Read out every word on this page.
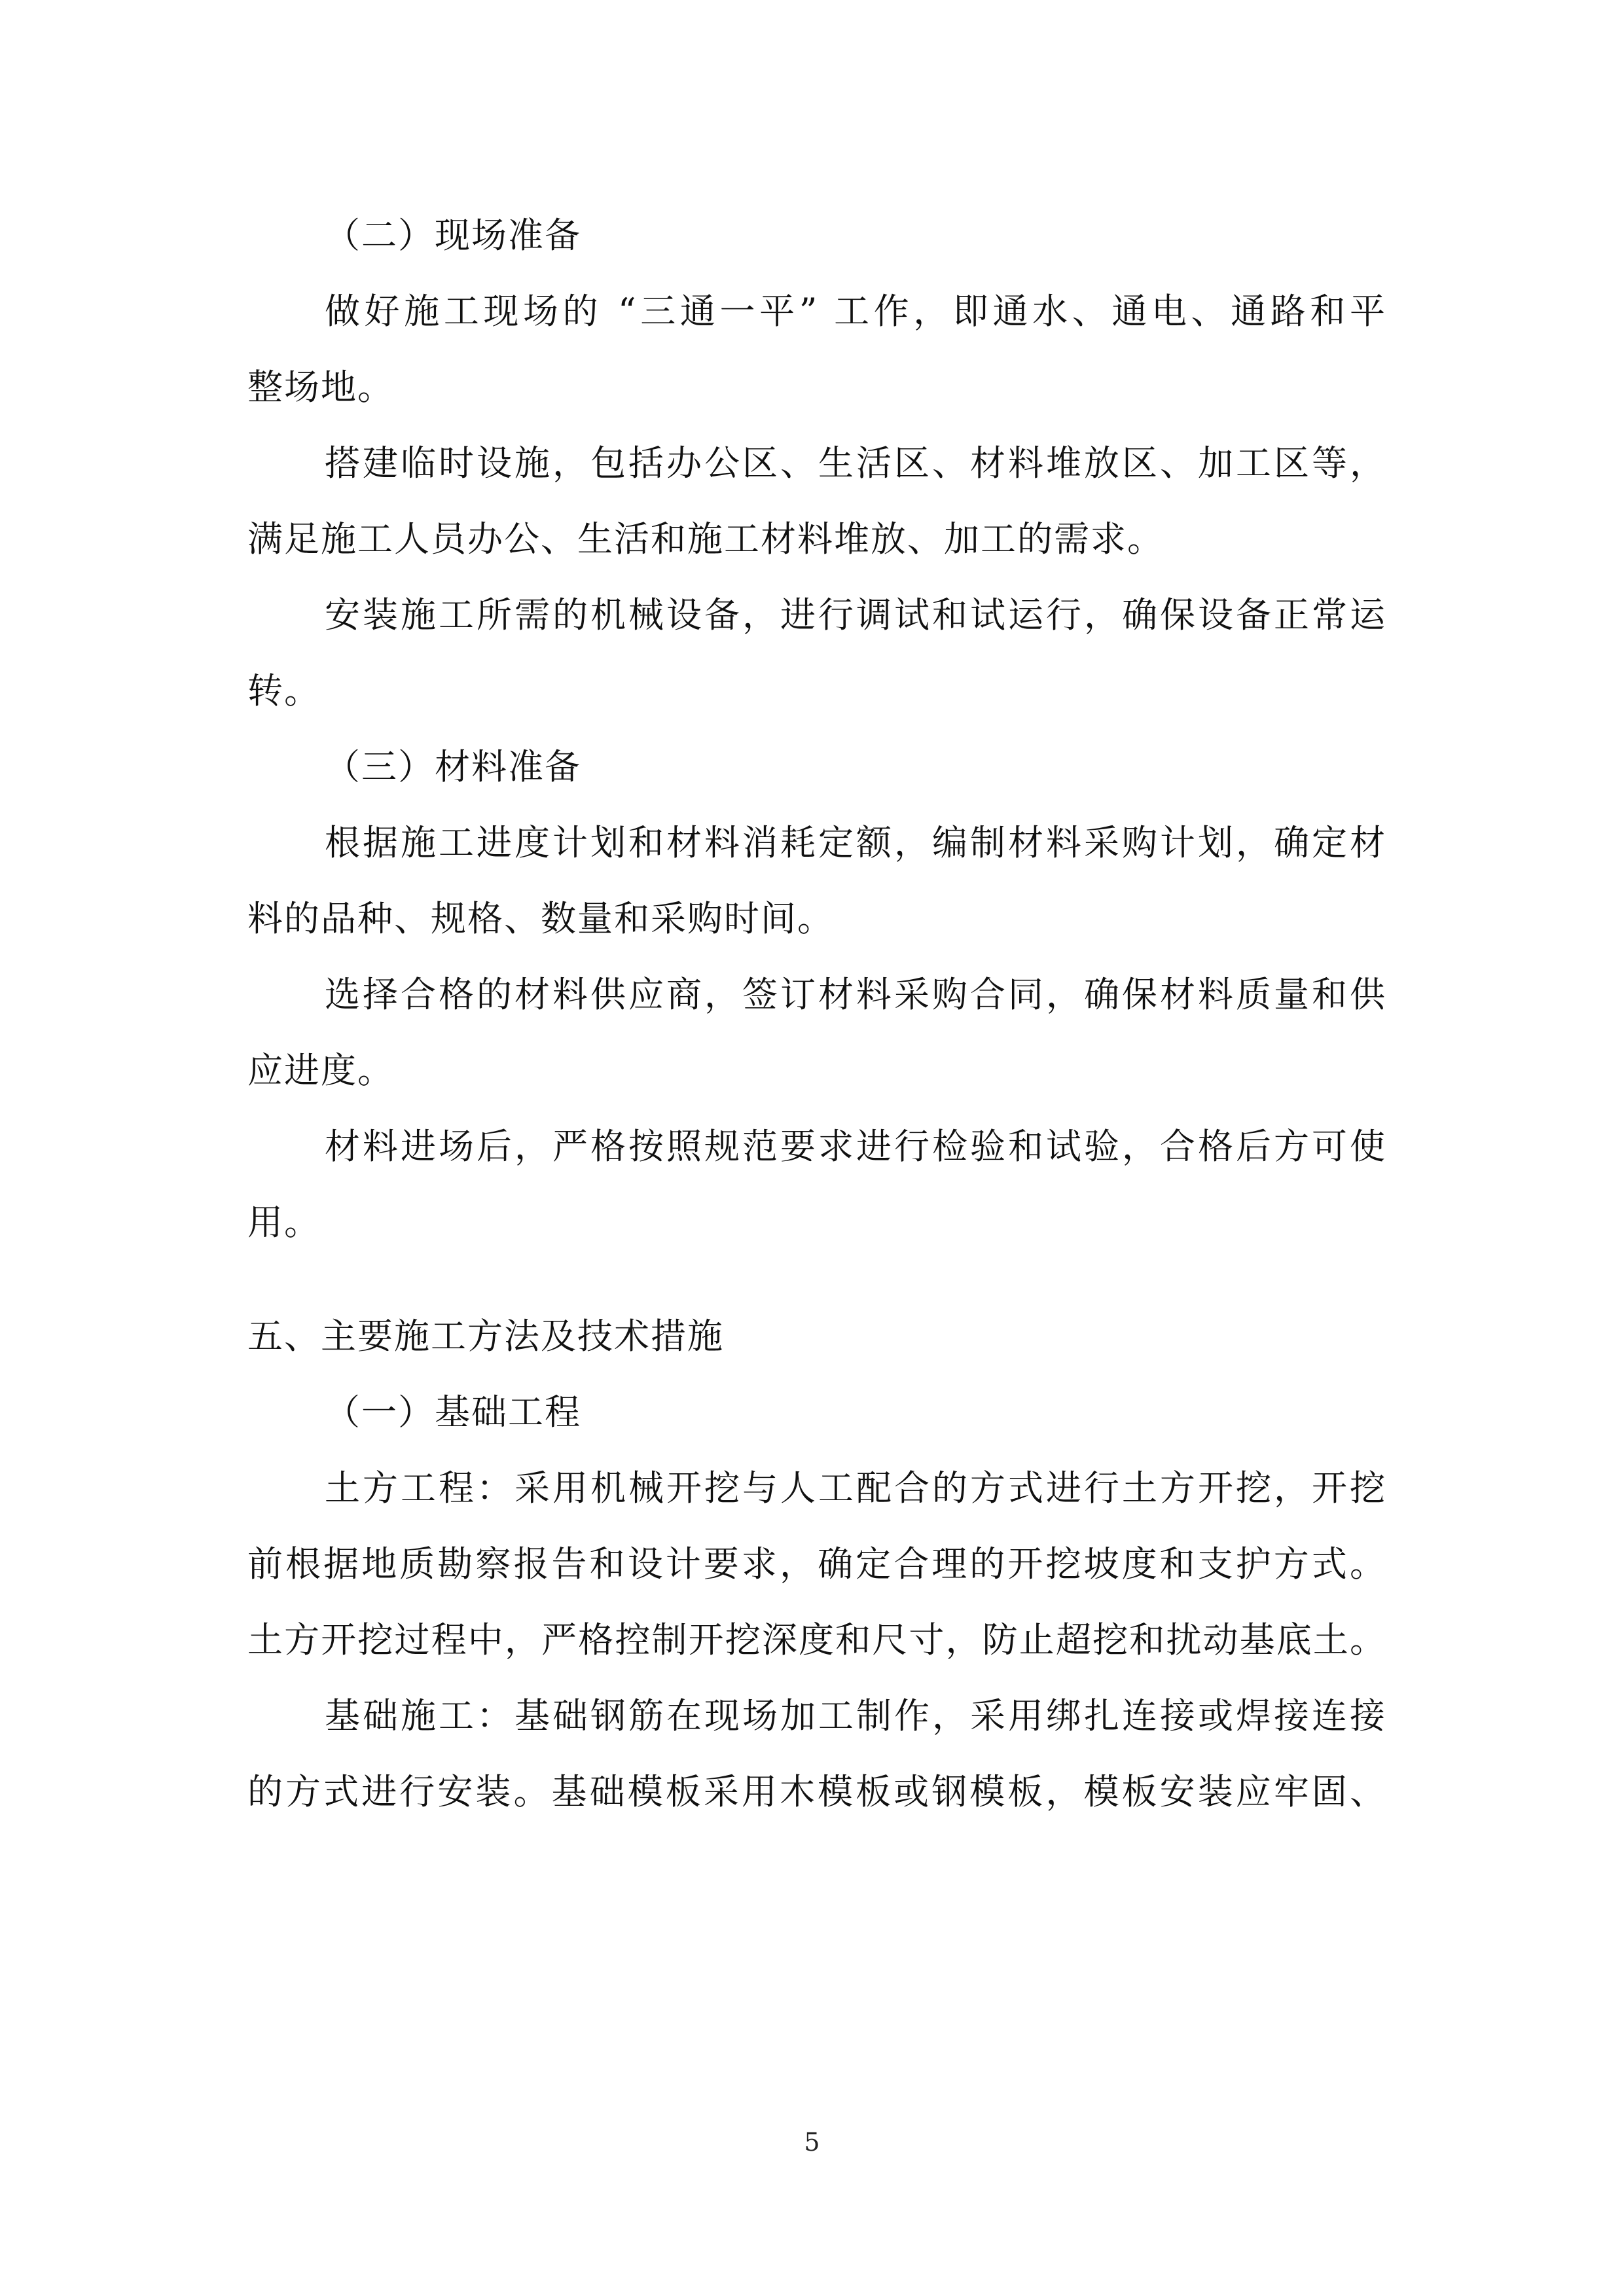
（二）现场准备
做好施工现场的 “三通一平” 工作，即通水、通电、通路和平
整场地。
搭建临时设施，包括办公区、生活区、材料堆放区、加工区等，
满足施工人员办公、生活和施工材料堆放、加工的需求。
安装施工所需的机械设备，进行调试和试运行，确保设备正常运
转。
（三）材料准备
根据施工进度计划和材料消耗定额，编制材料采购计划，确定材
料的品种、规格、数量和采购时间。
选择合格的材料供应商，签订材料采购合同，确保材料质量和供
应进度。
材料进场后，严格按照规范要求进行检验和试验，合格后方可使
用。
五、主要施工方法及技术措施
（一）基础工程
土方工程：采用机械开挖与人工配合的方式进行土方开挖，开挖
前根据地质勘察报告和设计要求，确定合理的开挖坡度和支护方式。
土方开挖过程中，严格控制开挖深度和尺寸，防止超挖和扰动基底土。
基础施工：基础钢筋在现场加工制作，采用绑扎连接或焊接连接
的方式进行安装。基础模板采用木模板或钢模板，模板安装应牢固、
5
